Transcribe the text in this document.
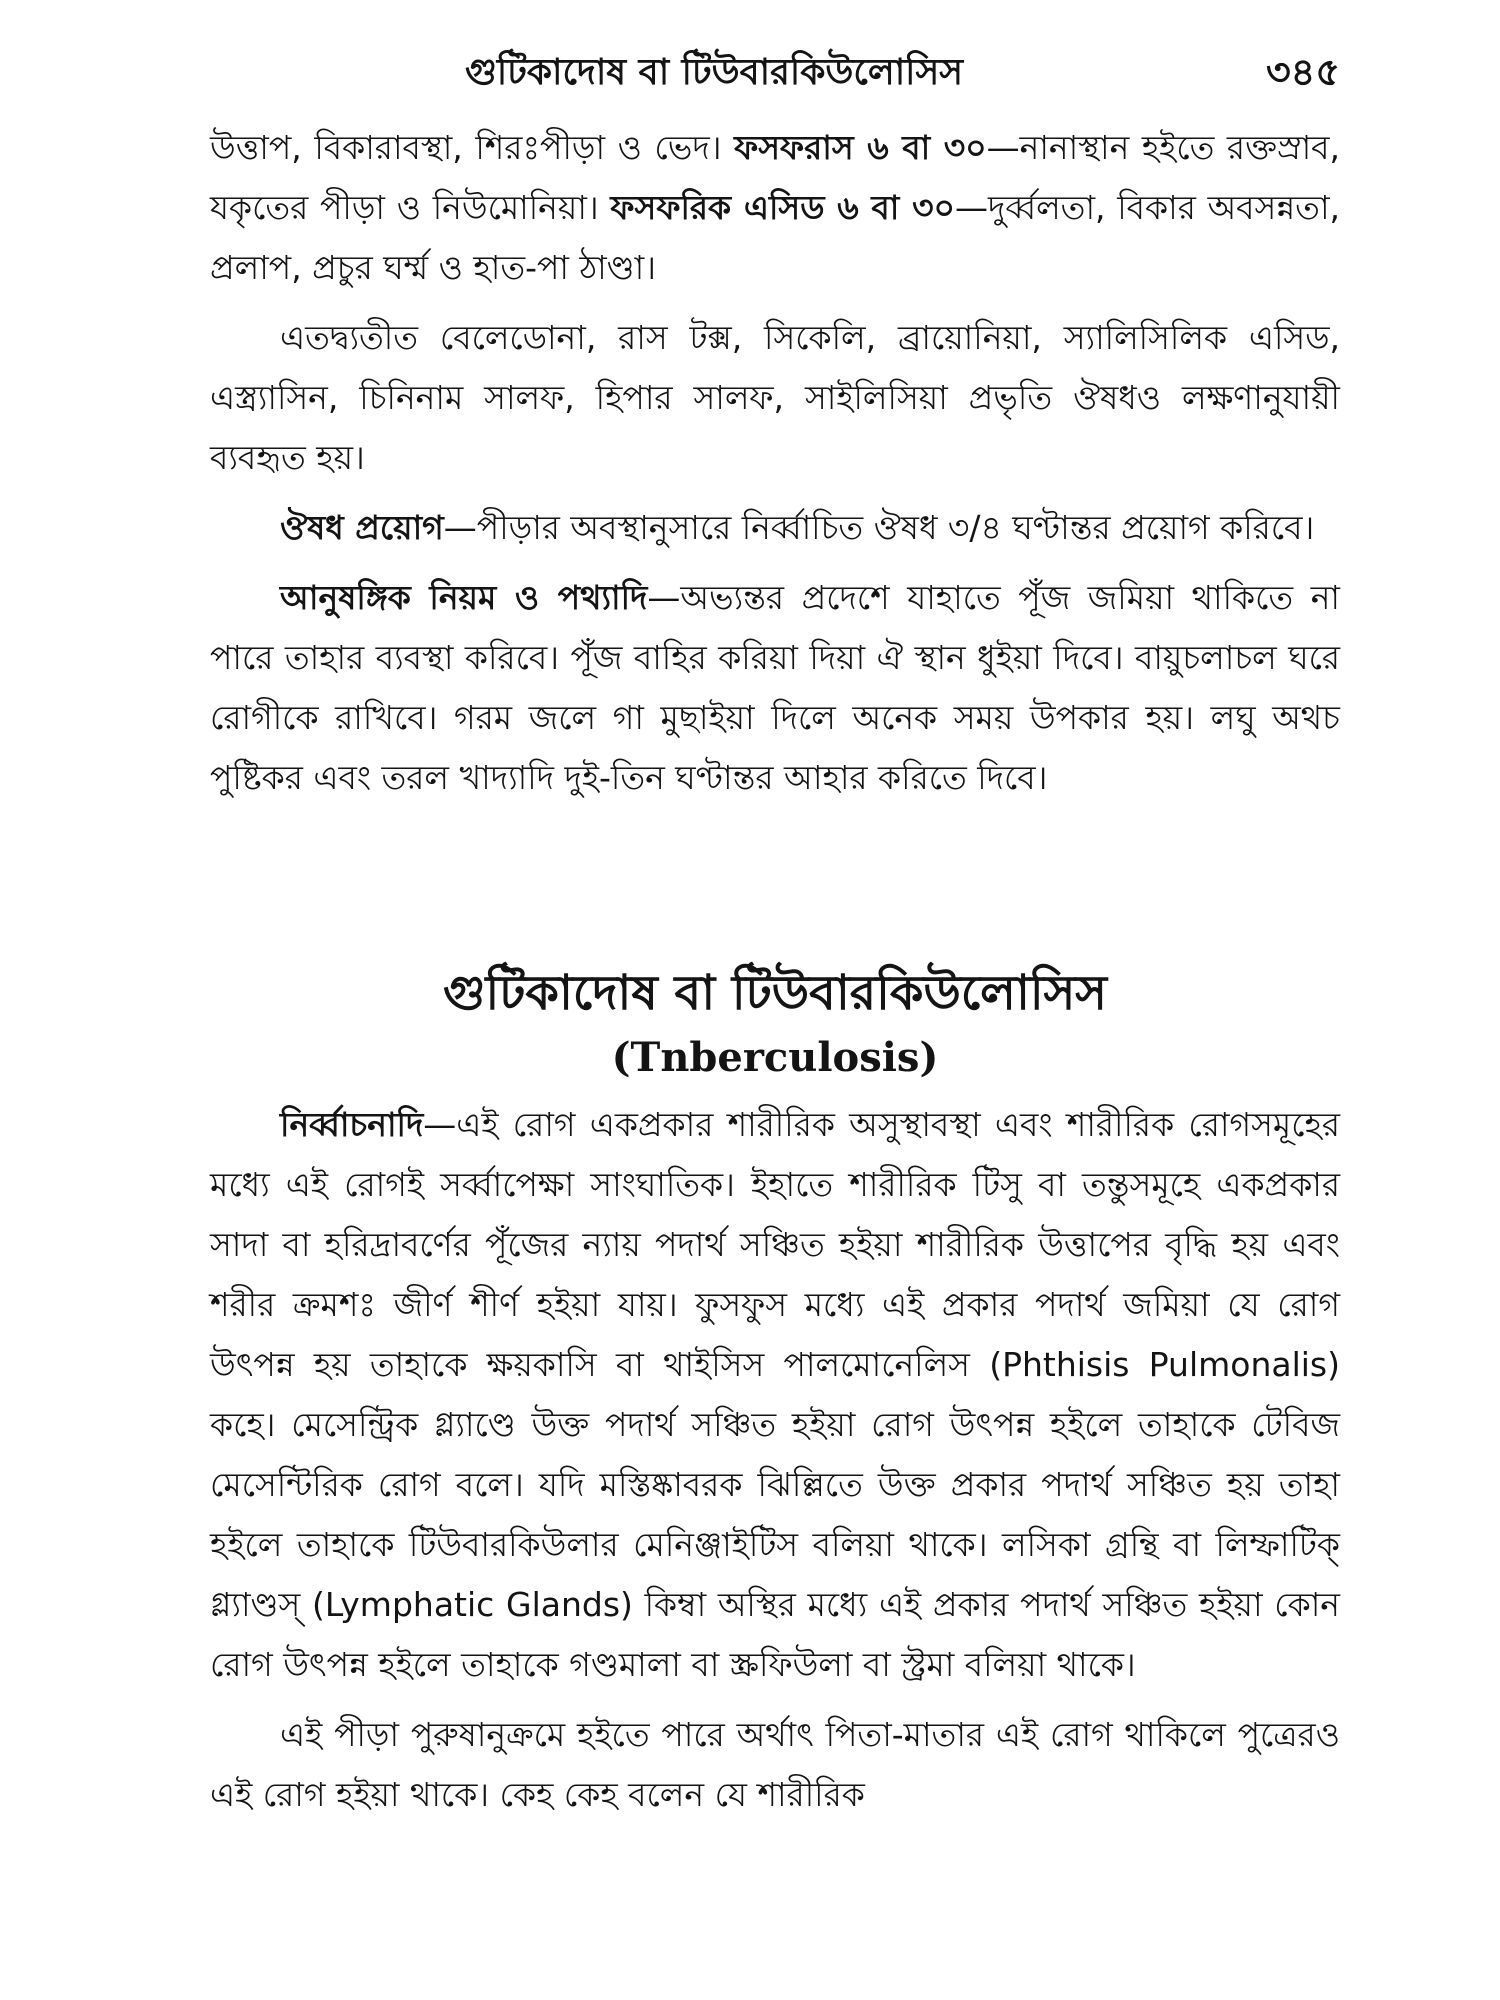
গুটিকাদোষ বা টিউবারকিউলোসিস	৩৪৫

উত্তাপ, বিকারাবস্থা, শিরঃপীড়া ও ভেদ। ফসফরাস ৬ বা ৩০—নানাস্থান হইতে রক্তস্রাব, যকৃতের পীড়া ও নিউমোনিয়া। ফসফরিক এসিড ৬ বা ৩০—দুর্ব্বলতা, বিকার অবসন্নতা, প্রলাপ, প্রচুর ঘর্ম্ম ও হাত-পা ঠাণ্ডা।

এতদ্ব্যতীত বেলেডোনা, রাস টক্স, সিকেলি, ব্রায়োনিয়া, স্যালিসিলিক এসিড, এস্ত্র্যাসিন, চিনিনাম সালফ, হিপার সালফ, সাইলিসিয়া প্রভৃতি ঔষধও লক্ষণানুযায়ী ব্যবহৃত হয়।

ঔষধ প্রয়োগ—পীড়ার অবস্থানুসারে নির্ব্বাচিত ঔষধ ৩/৪ ঘণ্টান্তর প্রয়োগ করিবে।

আনুষঙ্গিক নিয়ম ও পথ্যাদি—অভ্যন্তর প্রদেশে যাহাতে পূঁজ জমিয়া থাকিতে না পারে তাহার ব্যবস্থা করিবে। পূঁজ বাহির করিয়া দিয়া ঐ স্থান ধুইয়া দিবে। বায়ুচলাচল ঘরে রোগীকে রাখিবে। গরম জলে গা মুছাইয়া দিলে অনেক সময় উপকার হয়। লঘু অথচ পুষ্টিকর এবং তরল খাদ্যাদি দুই-তিন ঘণ্টান্তর আহার করিতে দিবে।

গুটিকাদোষ বা টিউবারকিউলোসিস
(Tnberculosis)

নির্ব্বাচনাদি—এই রোগ একপ্রকার শারীরিক অসুস্থাবস্থা এবং শারীরিক রোগসমূহের মধ্যে এই রোগই সর্ব্বাপেক্ষা সাংঘাতিক। ইহাতে শারীরিক টিসু বা তন্তুসমূহে একপ্রকার সাদা বা হরিদ্রাবর্ণের পূঁজের ন্যায় পদার্থ সঞ্চিত হইয়া শারীরিক উত্তাপের বৃদ্ধি হয় এবং শরীর ক্রমশঃ জীর্ণ শীর্ণ হইয়া যায়। ফুসফুস মধ্যে এই প্রকার পদার্থ জমিয়া যে রোগ উৎপন্ন হয় তাহাকে ক্ষয়কাসি বা থাইসিস পালমোনেলিস (Phthisis Pulmonalis) কহে। মেসেন্ট্রিক গ্ল্যাণ্ডে উক্ত পদার্থ সঞ্চিত হইয়া রোগ উৎপন্ন হইলে তাহাকে টেবিজ মেসেন্টিরিক রোগ বলে। যদি মস্তিষ্কাবরক ঝিল্লিতে উক্ত প্রকার পদার্থ সঞ্চিত হয় তাহা হইলে তাহাকে টিউবারকিউলার মেনিঞ্জাইটিস বলিয়া থাকে। লসিকা গ্রন্থি বা লিম্ফাটিক্ গ্ল্যাণ্ডস্ (Lymphatic Glands) কিম্বা অস্থির মধ্যে এই প্রকার পদার্থ সঞ্চিত হইয়া কোন রোগ উৎপন্ন হইলে তাহাকে গণ্ডমালা বা স্ক্রফিউলা বা স্ট্রমা বলিয়া থাকে।

এই পীড়া পুরুষানুক্রমে হইতে পারে অর্থাৎ পিতা-মাতার এই রোগ থাকিলে পুত্রেরও এই রোগ হইয়া থাকে। কেহ কেহ বলেন যে শারীরিক
